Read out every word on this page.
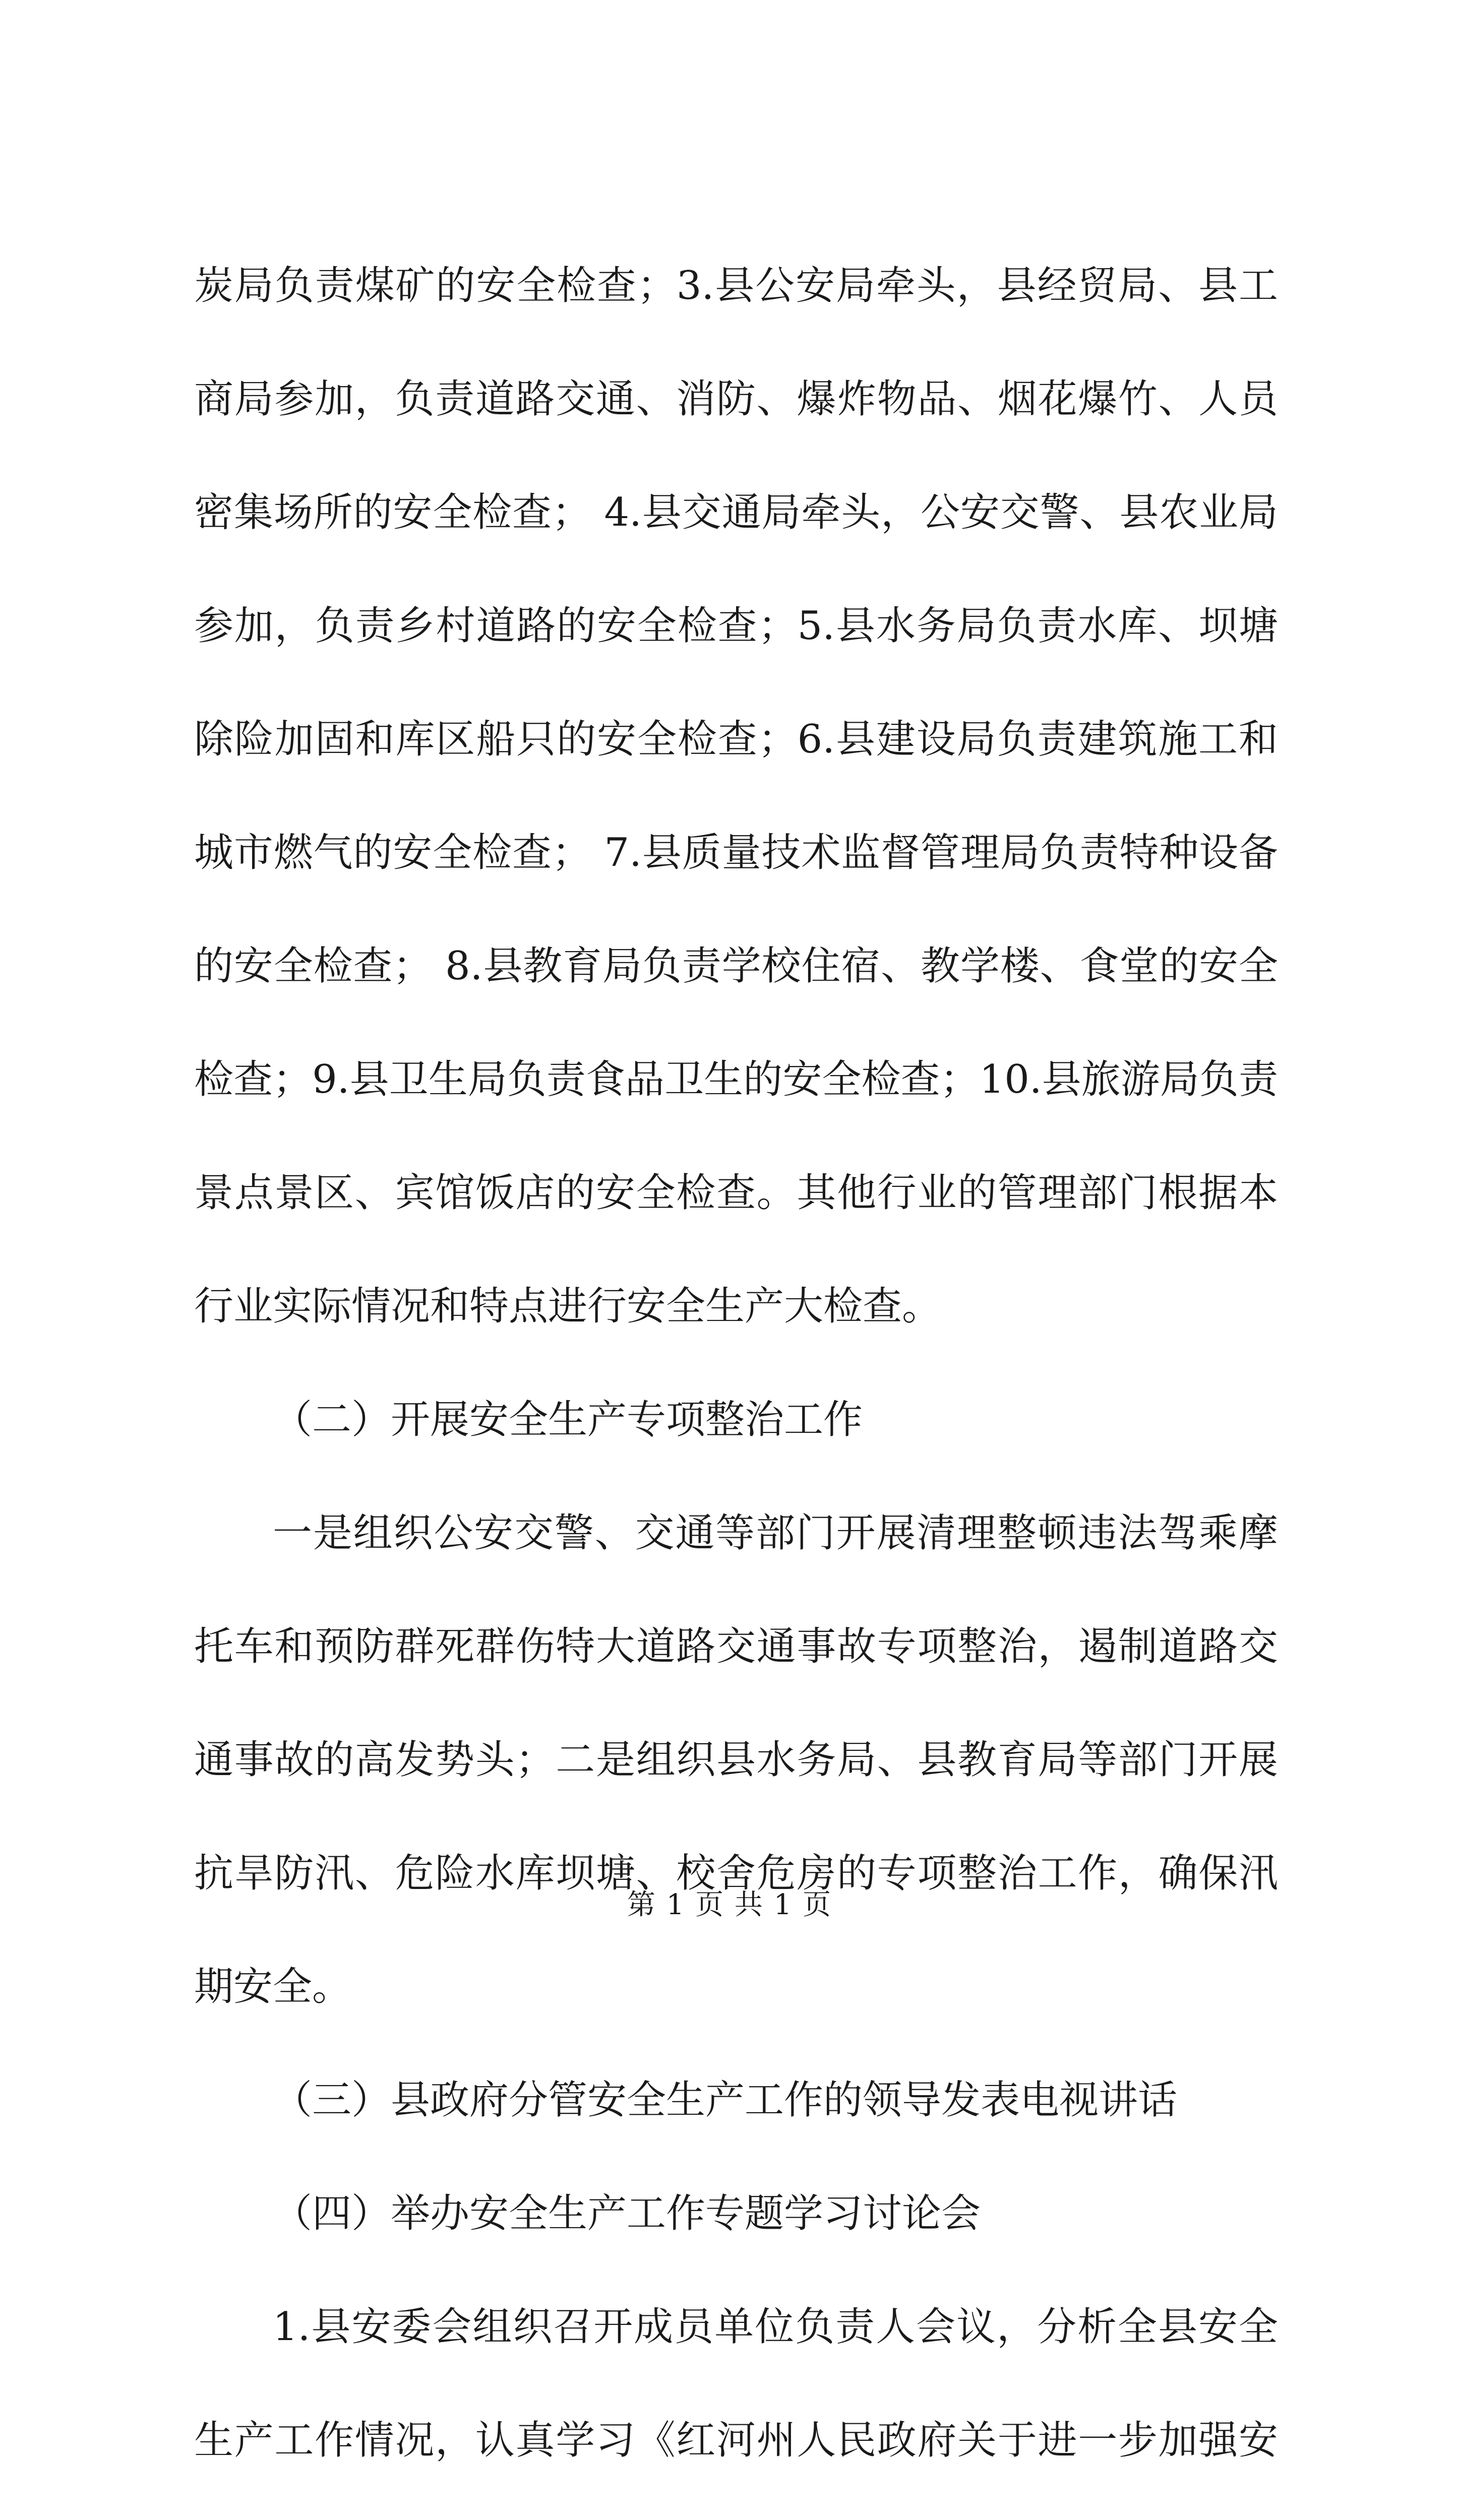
炭局负责煤矿的安全检查；3.县公安局牵头，县经贸局、县工商局参加，负责道路交通、消防、爆炸物品、烟花爆竹、人员密集场所的安全检查； 4.县交通局牵头，公安交警、县农业局参加，负责乡村道路的安全检查；5.县水务局负责水库、坝塘除险加固和库区船只的安全检查；6.县建设局负责建筑施工和城市燃气的安全检查； 7.县质量技术监督管理局负责特种设备的安全检查； 8.县教育局负责学校住宿、教学楼、食堂的安全检查；9.县卫生局负责食品卫生的安全检查；10.县旅游局负责景点景区、宾馆饭店的安全检查。其他行业的管理部门根据本行业实际情况和特点进行安全生产大检查。

（二）开展安全生产专项整治工作

一是组织公安交警、交通等部门开展清理整顿违法驾乘摩托车和预防群死群伤特大道路交通事故专项整治，遏制道路交通事故的高发势头；二是组织县水务局、县教育局等部门开展抗旱防汛、危险水库坝塘、校舍危房的专项整治工作，确保汛期安全。

（三）县政府分管安全生产工作的领导发表电视讲话

（四）举办安全生产工作专题学习讨论会

1.县安委会组织召开成员单位负责人会议，分析全县安全生产工作情况，认真学习《红河州人民政府关于进一步加强安

第 1 页 共 1 页
